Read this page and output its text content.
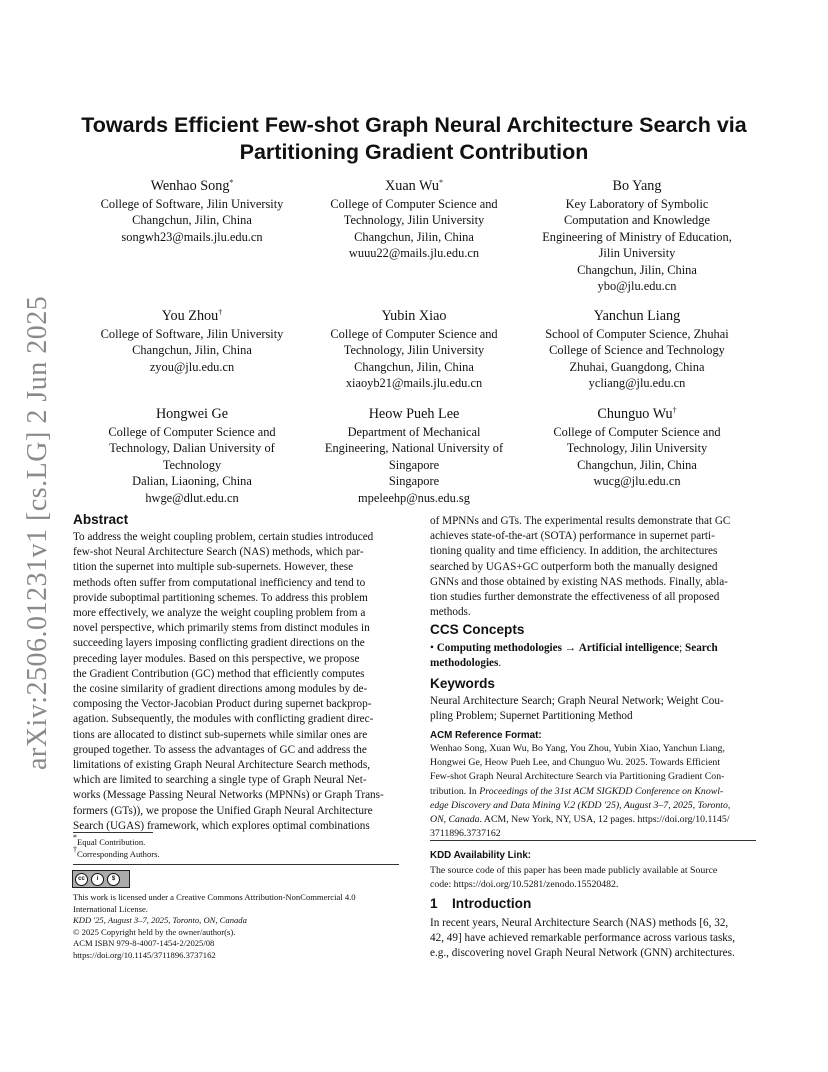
arXiv:2506.01231v1 [cs.LG] 2 Jun 2025
Towards Efficient Few-shot Graph Neural Architecture Search via
Partitioning Gradient Contribution
Wenhao Song*
College of Software, Jilin University
Changchun, Jilin, China
songwh23@mails.jlu.edu.cn
Xuan Wu*
College of Computer Science and
Technology, Jilin University
Changchun, Jilin, China
wuuu22@mails.jlu.edu.cn
Bo Yang
Key Laboratory of Symbolic
Computation and Knowledge
Engineering of Ministry of Education,
Jilin University
Changchun, Jilin, China
ybo@jlu.edu.cn
You Zhou†
College of Software, Jilin University
Changchun, Jilin, China
zyou@jlu.edu.cn
Yubin Xiao
College of Computer Science and
Technology, Jilin University
Changchun, Jilin, China
xiaoyb21@mails.jlu.edu.cn
Yanchun Liang
School of Computer Science, Zhuhai
College of Science and Technology
Zhuhai, Guangdong, China
ycliang@jlu.edu.cn
Hongwei Ge
College of Computer Science and
Technology, Dalian University of
Technology
Dalian, Liaoning, China
hwge@dlut.edu.cn
Heow Pueh Lee
Department of Mechanical
Engineering, National University of
Singapore
Singapore
mpeleehp@nus.edu.sg
Chunguo Wu†
College of Computer Science and
Technology, Jilin University
Changchun, Jilin, China
wucg@jlu.edu.cn
Abstract
To address the weight coupling problem, certain studies introduced
few-shot Neural Architecture Search (NAS) methods, which par-
tition the supernet into multiple sub-supernets. However, these
methods often suffer from computational inefficiency and tend to
provide suboptimal partitioning schemes. To address this problem
more effectively, we analyze the weight coupling problem from a
novel perspective, which primarily stems from distinct modules in
succeeding layers imposing conflicting gradient directions on the
preceding layer modules. Based on this perspective, we propose
the Gradient Contribution (GC) method that efficiently computes
the cosine similarity of gradient directions among modules by de-
composing the Vector-Jacobian Product during supernet backprop-
agation. Subsequently, the modules with conflicting gradient direc-
tions are allocated to distinct sub-supernets while similar ones are
grouped together. To assess the advantages of GC and address the
limitations of existing Graph Neural Architecture Search methods,
which are limited to searching a single type of Graph Neural Net-
works (Message Passing Neural Networks (MPNNs) or Graph Trans-
formers (GTs)), we propose the Unified Graph Neural Architecture
Search (UGAS) framework, which explores optimal combinations
*Equal Contribution.
†Corresponding Authors.
cc	i	$
This work is licensed under a Creative Commons Attribution-NonCommercial 4.0
International License.
KDD '25, August 3–7, 2025, Toronto, ON, Canada
© 2025 Copyright held by the owner/author(s).
ACM ISBN 979-8-4007-1454-2/2025/08
https://doi.org/10.1145/3711896.3737162
of MPNNs and GTs. The experimental results demonstrate that GC
achieves state-of-the-art (SOTA) performance in supernet parti-
tioning quality and time efficiency. In addition, the architectures
searched by UGAS+GC outperform both the manually designed
GNNs and those obtained by existing NAS methods. Finally, abla-
tion studies further demonstrate the effectiveness of all proposed
methods.
CCS Concepts
• Computing methodologies → Artificial intelligence; Search
methodologies.
Keywords
Neural Architecture Search; Graph Neural Network; Weight Cou-
pling Problem; Supernet Partitioning Method
ACM Reference Format:
Wenhao Song, Xuan Wu, Bo Yang, You Zhou, Yubin Xiao, Yanchun Liang,
Hongwei Ge, Heow Pueh Lee, and Chunguo Wu. 2025. Towards Efficient
Few-shot Graph Neural Architecture Search via Partitioning Gradient Con-
tribution. In Proceedings of the 31st ACM SIGKDD Conference on Knowl-
edge Discovery and Data Mining V.2 (KDD '25), August 3–7, 2025, Toronto,
ON, Canada. ACM, New York, NY, USA, 12 pages. https://doi.org/10.1145/
3711896.3737162
KDD Availability Link:
The source code of this paper has been made publicly available at Source
code: https://doi.org/10.5281/zenodo.15520482.
1 Introduction
In recent years, Neural Architecture Search (NAS) methods [6, 32,
42, 49] have achieved remarkable performance across various tasks,
e.g., discovering novel Graph Neural Network (GNN) architectures.
